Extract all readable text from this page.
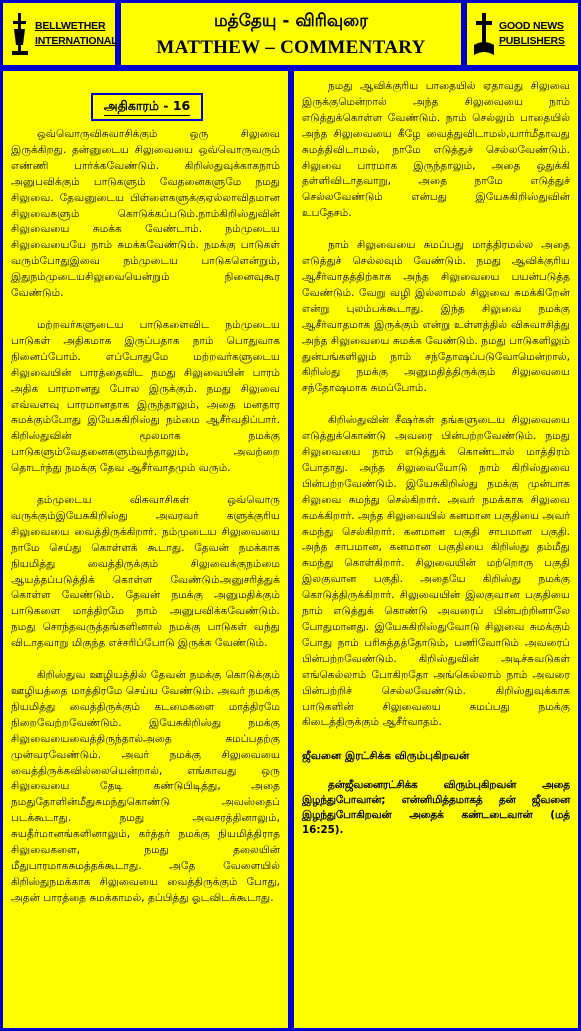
BELLWETHER
INTERNATIONAL
மத்தேயு - விரிவுரை
MATTHEW – COMMENTARY
GOOD NEWS
PUBLISHERS
அதிகாரம் - 16

ஒவ்வொருவிசுவாசிக்கும் ஒரு சிலுவை இருக்கிறது. தன்னுடைய சிலுவையை ஒவ்வொருவரும் எண்ணி பார்க்கவேண்டும். கிறிஸ்துவுக்காகநாம் அனுபவிக்கும் பாடுகளும் வேதனைகளுமே நமது சிலுவை. தேவனுடைய பிள்ளைகளுக்குஏல்லாவிதமான சிலுவைகளும் கொடுக்கப்படும்.நாம்கிறிஸ்துவின் சிலுவையை சுமக்க வேண்டாம். நம்முடைய சிலுவையையே நாம் சுமக்கவேண்டும். நமக்கு பாடுகள் வரும்போதுஇவை நம்முடைய பாடுகளென்றும், இதுநம்முடையசிலுவையென்றும் நினைவுகூர வேண்டும்.

மற்றவர்களுடைய பாடுகளைவிட நம்முடைய பாடுகள் அதிகமாக இருப்பதாக நாம் பொதுவாக நினைப்போம். எப்போதுமே மற்றவர்களுடைய சிலுவையின் பாரத்தைவிட நமது சிலுவையின் பாரம் அதிக பாரமானது போல இருக்கும். நமது சிலுவை எவ்வளவு பாரமானதாக இருந்தாலும், அதை மனதார சுமக்கும்போது இயேசுகிறிஸ்து நம்மை ஆசீர்வதிப்பார். கிறிஸ்துவின் மூலமாக நமக்கு பாடுகளும்வேதனைகளும்வந்தாலும், அவற்றை தொடர்ந்து நமக்கு தேவ ஆசீர்வாதமும் வரும்.

தம்முடைய விசுவாசிகள் ஒவ்வொரு வருக்கும்இயேசுகிறிஸ்து அவரவர் களுக்குரிய சிலுவையை வைத்திருக்கிறார். நம்முடைய சிலுவையை நாமே செய்து கொள்ளக் கூடாது. தேவன் நமக்காக நியமித்து வைத்திருக்கும் சிலுவைக்குநம்மை ஆயத்தப்படுத்திக் கொள்ள வேண்டும்அனுசரித்துக் கொள்ள வேண்டும். தேவன் நமக்கு அனுமதிக்கும் பாடுகளை மாத்திரமே நாம் அனுபவிக்கவேண்டும். நமது சொந்தவருத்தங்களினால் நமக்கு பாடுகள் வந்து விடாதவாறு மிகுந்த எச்சரிப்போடு இருக்க வேண்டும்.

கிறிஸ்துவ ஊழியத்தில் தேவன் நமக்கு கொடுக்கும் ஊழியத்தை மாத்திரமே செய்ய வேண்டும். அவர் நமக்கு நியமித்து வைத்திருக்கும் கடமைகளை மாத்திரமே நிறைவேற்றவேண்டும். இயேசுகிறிஸ்து நமக்கு சிலுவையைவைத்திருந்தால்அதை சுமப்பதற்கு முன்வரவேண்டும். அவர் நமக்கு சிலுவையை வைத்திருக்கவில்லையென்றால், எங்காவது ஒரு சிலுவையை தேடி கண்டுபிடித்து, அதை நமதுதோளின்மீதுசுமந்துகொண்டு அவஸ்தைப் படக்கூடாது. நமது அவசரத்தினாலும், சுயதீர்மானங்களினாலும், கர்த்தர் நமக்கு நியமித்திராத சிலுவைகளை, நமது தலையின் மீதுபாரமாகசுமத்தக்கூடாது. அதே வேளையில் கிறிஸ்துநமக்காக சிலுவையை வைத்திருக்கும் போது, அதன் பாரத்தை சுமக்காமல், தப்பித்து ஓடவிடக்கூடாது.

நமது ஆவிக்குரிய பாதையில் ஏதாவது சிலுவை இருக்குமென்றால் அந்த சிலுவையை நாம் எடுத்துக்கொள்ள வேண்டும். நாம் செல்லும் பாதையில் அந்த சிலுவையை கீழே வைத்துவிடாமல்,யார்மீதாவது சுமத்திவிடாமல், நாமே எடுத்துச் செல்லவேண்டும். சிலுவை பாரமாக இருந்தாலும், அதை ஒதுக்கி தள்ளிவிடாதவாறு, அதை நாமே எடுத்துச் செல்லவேண்டும் என்பது இயேசுகிறிஸ்துவின் உபதேசம்.

நாம் சிலுவையை சுமப்பது மாத்திரமல்ல அதை எடுத்துச் செல்லவும் வேண்டும். நமது ஆவிக்குரிய ஆசீர்வாதத்திற்காக அந்த சிலுவையை பயன்படுத்த வேண்டும். வேறு வழி இல்லாமல் சிலுவை சுமக்கிறேன் என்று புலம்பக்கூடாது. இந்த சிலுவை நமக்கு ஆசீர்வாதமாக இருக்கும் என்று உள்ளத்தில் விசுவாசித்து அந்த சிலுவையை சுமக்க வேண்டும். நமது பாடுகளிலும் துன்பங்களிலும் நாம் சந்தோஷப்படுவோமென்றால், கிறிஸ்து நமக்கு அனுமதித்திருக்கும் சிலுவையை சந்தோஷமாக சுமப்போம்.

கிறிஸ்துவின் சீஷர்கள் தங்களுடைய சிலுவையை எடுத்துக்கொண்டு அவரை பின்பற்றவேண்டும். நமது சிலுவையை நாம் எடுத்துக் கொண்டால் மாத்திரம் போதாது. அந்த சிலுவையோடு நாம் கிறிஸ்துவை பின்பற்றவேண்டும். இயேசுகிறிஸ்து நமக்கு முன்பாக சிலுவை சுமந்து செல்கிறார். அவர் நமக்காக சிலுவை சுமக்கிறார். அந்த சிலுவையில் கனமான பகுதியை அவர் சுமந்து செல்கிறார். கனமான பகுதி சாபமான பகுதி. அந்த சாபமான, கனமான பகுதியை கிறிஸ்து தம்மீது சுமந்து கொள்கிறார். சிலுவையின் மற்றொரு பகுதி இலகுவான பகுதி. அதையே கிறிஸ்து நமக்கு கொடுத்திருக்கிறார். சிலுவையின் இலகுவான பகுதியை நாம் எடுத்துக் கொண்டு அவரைப் பின்பற்றினாலே போதுமானது. இயேசுகிறிஸ்துவோடு சிலுவை சுமக்கும் போது நாம் பரிசுத்தத்தோடும், பணிவோடும் அவரைப் பின்பற்றவேண்டும். கிறிஸ்துவின் அடிச்சுவடுகள் எங்கெல்லாம் போகிறதோ அங்கெல்லாம் நாம் அவரை பின்பற்றிச் செல்லவேண்டும். கிறிஸ்துவுக்காக பாடுகளின் சிலுவையை சுமப்பது நமக்கு கிடைத்திருக்கும் ஆசீர்வாதம்.

ஜீவனை இரட்சிக்க விரும்புகிறவன்

தன்ஜீவனைரட்சிக்க விரும்புகிறவன் அதை இழந்துபோவான்; என்னிமித்தமாகத் தன் ஜீவனை இழந்துபோகிறவன் அதைக் கண்டடைவான் (மத் 16:25).
